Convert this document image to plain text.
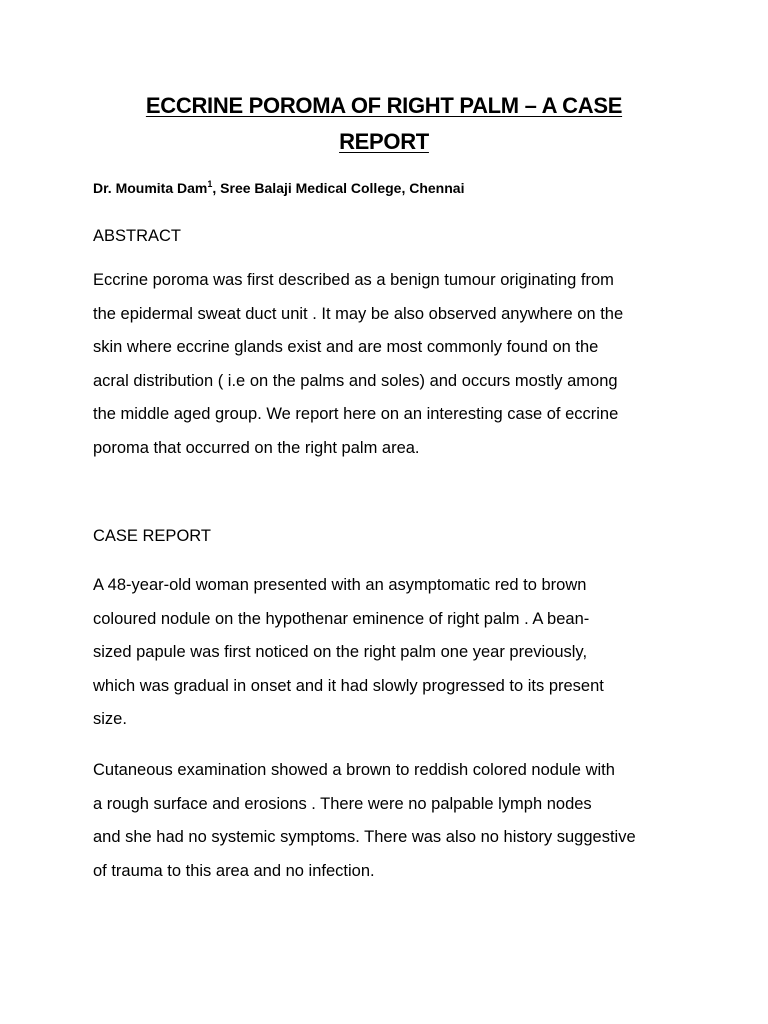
ECCRINE POROMA OF RIGHT PALM – A CASE
REPORT
Dr. Moumita Dam$^1$, Sree Balaji Medical College, Chennai
ABSTRACT
Eccrine poroma was first described as a benign tumour originating from
the epidermal sweat duct unit . It may be also observed anywhere on the
skin where eccrine glands exist and are most commonly found on the
acral distribution ( i.e on the palms and soles) and occurs mostly among
the middle aged group. We report here on an interesting case of eccrine
poroma that occurred on the right palm area.
CASE REPORT
A 48-year-old woman presented with an asymptomatic red to brown
coloured nodule on the hypothenar eminence of right palm . A bean-
sized papule was first noticed on the right palm one year previously,
which was gradual in onset and it had slowly progressed to its present
size.
Cutaneous examination showed a brown to reddish colored nodule with
a rough surface and erosions . There were no palpable lymph nodes
and she had no systemic symptoms. There was also no history suggestive
of trauma to this area and no infection.
